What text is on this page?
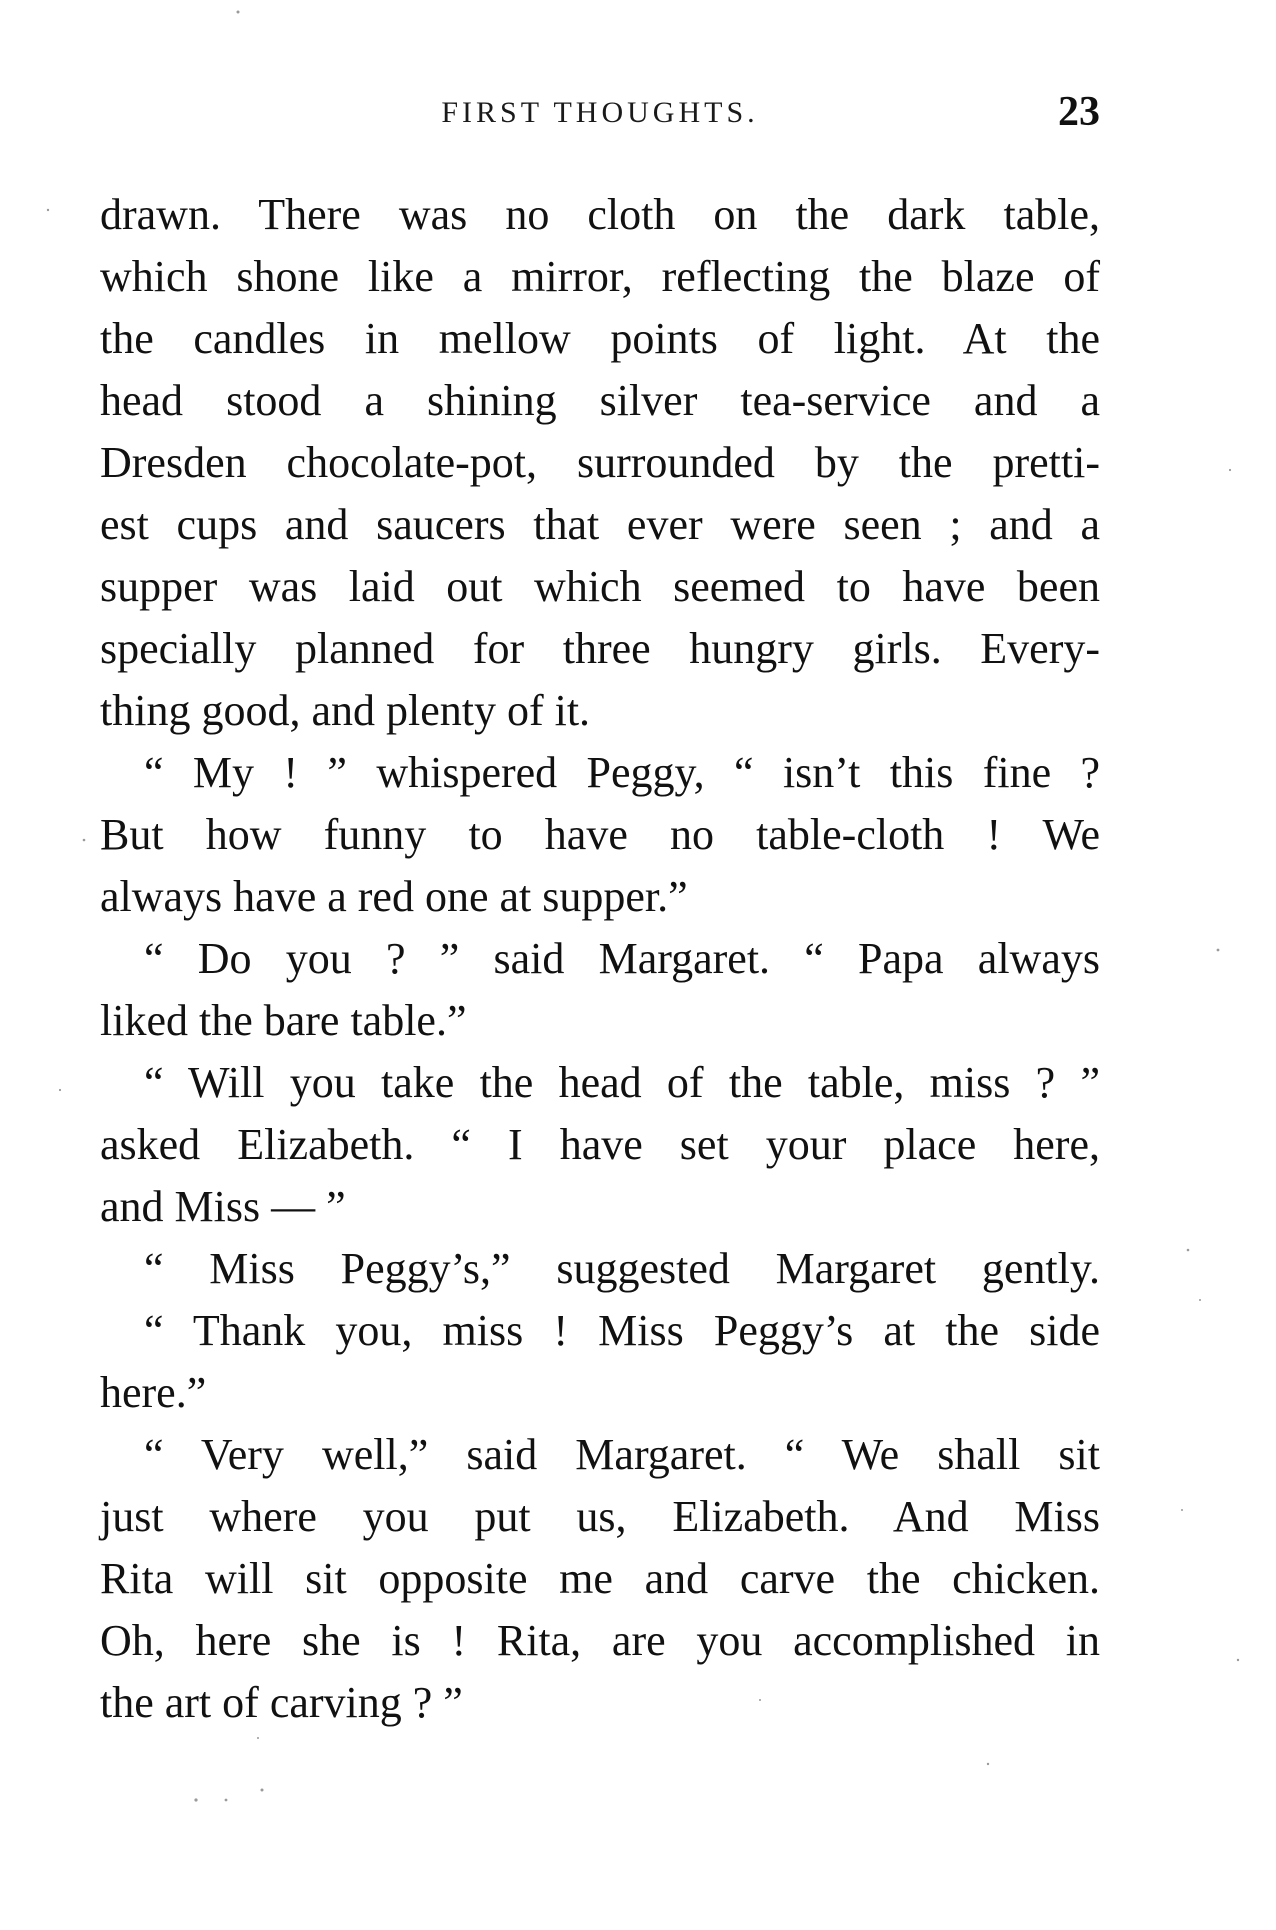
FIRST THOUGHTS.	23
drawn. There was no cloth on the dark table,
which shone like a mirror, reflecting the blaze of
the candles in mellow points of light. At the
head stood a shining silver tea-service and a
Dresden chocolate-pot, surrounded by the pretti-
est cups and saucers that ever were seen ; and a
supper was laid out which seemed to have been
specially planned for three hungry girls. Every-
thing good, and plenty of it.
“ My ! ” whispered Peggy, “ isn’t this fine ?
But how funny to have no table-cloth ! We
always have a red one at supper.”
“ Do you ? ” said Margaret. “ Papa always
liked the bare table.”
“ Will you take the head of the table, miss ? ”
asked Elizabeth. “ I have set your place here,
and Miss — ”
“ Miss Peggy’s,” suggested Margaret gently.
“ Thank you, miss ! Miss Peggy’s at the side
here.”
“ Very well,” said Margaret. “ We shall sit
just where you put us, Elizabeth. And Miss
Rita will sit opposite me and carve the chicken.
Oh, here she is ! Rita, are you accomplished in
the art of carving ? ”
